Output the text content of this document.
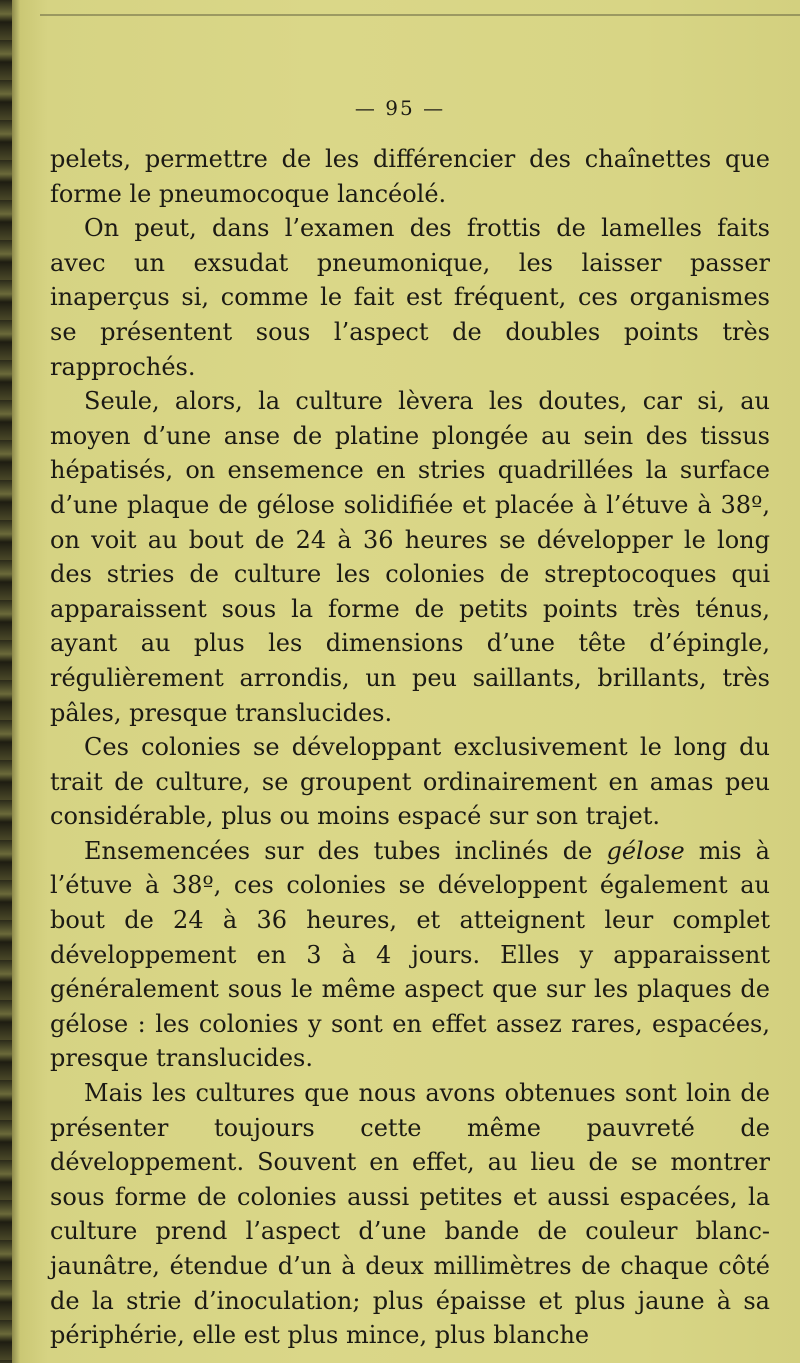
— 95 —

pelets, permettre de les différencier des chaînettes que forme le pneumocoque lancéolé.

On peut, dans l’examen des frottis de lamelles faits avec un exsudat pneumonique, les laisser passer inaperçus si, comme le fait est fréquent, ces organismes se présentent sous l’aspect de doubles points très rapprochés.

Seule, alors, la culture lèvera les doutes, car si, au moyen d’une anse de platine plongée au sein des tissus hépatisés, on ensemence en stries quadrillées la surface d’une plaque de gélose solidifiée et placée à l’étuve à 38º, on voit au bout de 24 à 36 heures se développer le long des stries de culture les colonies de streptocoques qui apparaissent sous la forme de petits points très ténus, ayant au plus les dimensions d’une tête d’épingle, régulièrement arrondis, un peu saillants, brillants, très pâles, presque translucides.

Ces colonies se développant exclusivement le long du trait de culture, se groupent ordinairement en amas peu considérable, plus ou moins espacé sur son trajet.

Ensemencées sur des tubes inclinés de gélose mis à l’étuve à 38º, ces colonies se développent également au bout de 24 à 36 heures, et atteignent leur complet développement en 3 à 4 jours. Elles y apparaissent généralement sous le même aspect que sur les plaques de gélose : les colonies y sont en effet assez rares, espacées, presque translucides.

Mais les cultures que nous avons obtenues sont loin de présenter toujours cette même pauvreté de développement. Souvent en effet, au lieu de se montrer sous forme de colonies aussi petites et aussi espacées, la culture prend l’aspect d’une bande de couleur blanc-jaunâtre, étendue d’un à deux millimètres de chaque côté de la strie d’inoculation; plus épaisse et plus jaune à sa périphérie, elle est plus mince, plus blanche
